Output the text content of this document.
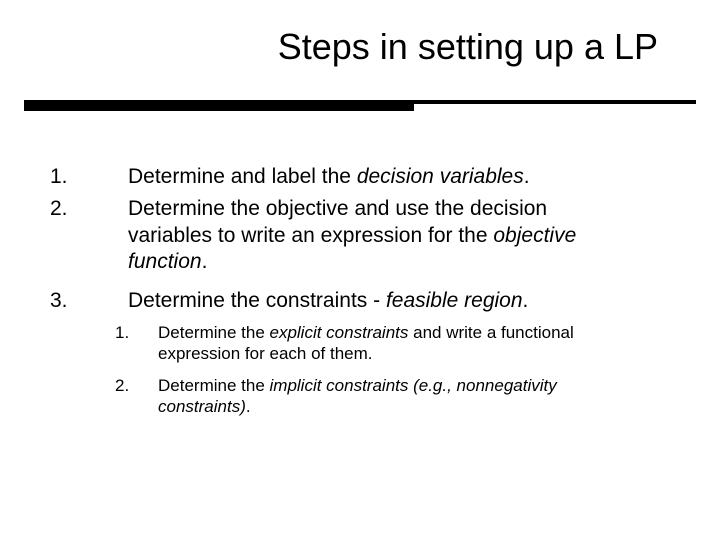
Steps in setting up a LP
1.	Determine and label the decision variables.
2.	Determine the objective and use the decision
variables to write an expression for the objective
function.
3.	Determine the constraints - feasible region.
1.	Determine the explicit constraints and write a functional
expression for each of them.
2.	Determine the implicit constraints (e.g., nonnegativity
constraints).
